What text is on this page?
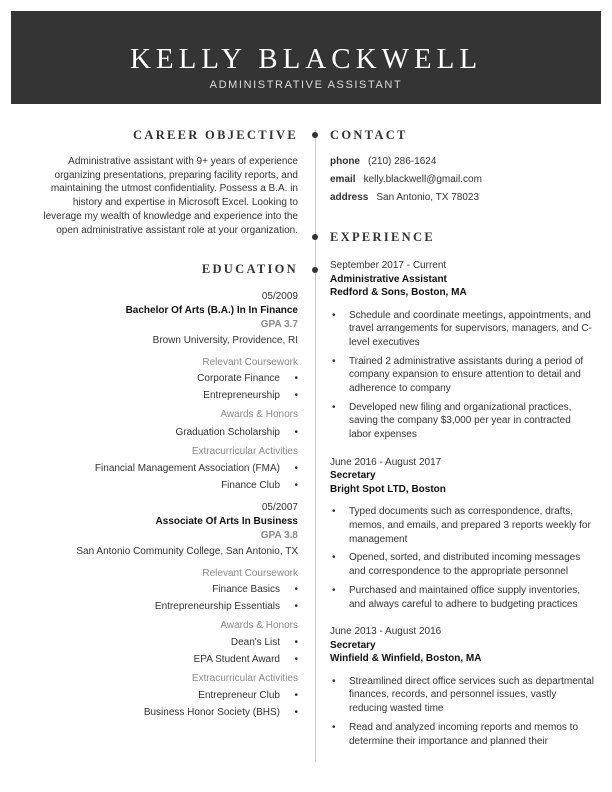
KELLY BLACKWELL
ADMINISTRATIVE ASSISTANT
CAREER OBJECTIVE
Administrative assistant with 9+ years of experience
organizing presentations, preparing facility reports, and
maintaining the utmost confidentiality. Possess a B.A. in
history and expertise in Microsoft Excel. Looking to
leverage my wealth of knowledge and experience into the
open administrative assistant role at your organization.
EDUCATION
05/2009
Bachelor Of Arts (B.A.) In In Finance
GPA 3.7
Brown University, Providence, RI
Relevant Coursework
Corporate Finance •
Entrepreneurship •
Awards & Honors
Graduation Scholarship •
Extracurricular Activities
Financial Management Association (FMA) •
Finance Club •
05/2007
Associate Of Arts In Business
GPA 3.8
San Antonio Community College, San Antonio, TX
Relevant Coursework
Finance Basics •
Entrepreneurship Essentials •
Awards & Honors
Dean's List •
EPA Student Award •
Extracurricular Activities
Entrepreneur Club •
Business Honor Society (BHS) •
CONTACT
phone (210) 286-1624
email kelly.blackwell@gmail.com
address San Antonio, TX 78023
EXPERIENCE
September 2017 - Current
Administrative Assistant
Redford & Sons, Boston, MA
• Schedule and coordinate meetings, appointments, and travel arrangements for supervisors, managers, and C-level executives
• Trained 2 administrative assistants during a period of company expansion to ensure attention to detail and adherence to company
• Developed new filing and organizational practices, saving the company $3,000 per year in contracted labor expenses
June 2016 - August 2017
Secretary
Bright Spot LTD, Boston
• Typed documents such as correspondence, drafts, memos, and emails, and prepared 3 reports weekly for management
• Opened, sorted, and distributed incoming messages and correspondence to the appropriate personnel
• Purchased and maintained office supply inventories, and always careful to adhere to budgeting practices
June 2013 - August 2016
Secretary
Winfield & Winfield, Boston, MA
• Streamlined direct office services such as departmental finances, records, and personnel issues, vastly reducing wasted time
• Read and analyzed incoming reports and memos to determine their importance and planned their
